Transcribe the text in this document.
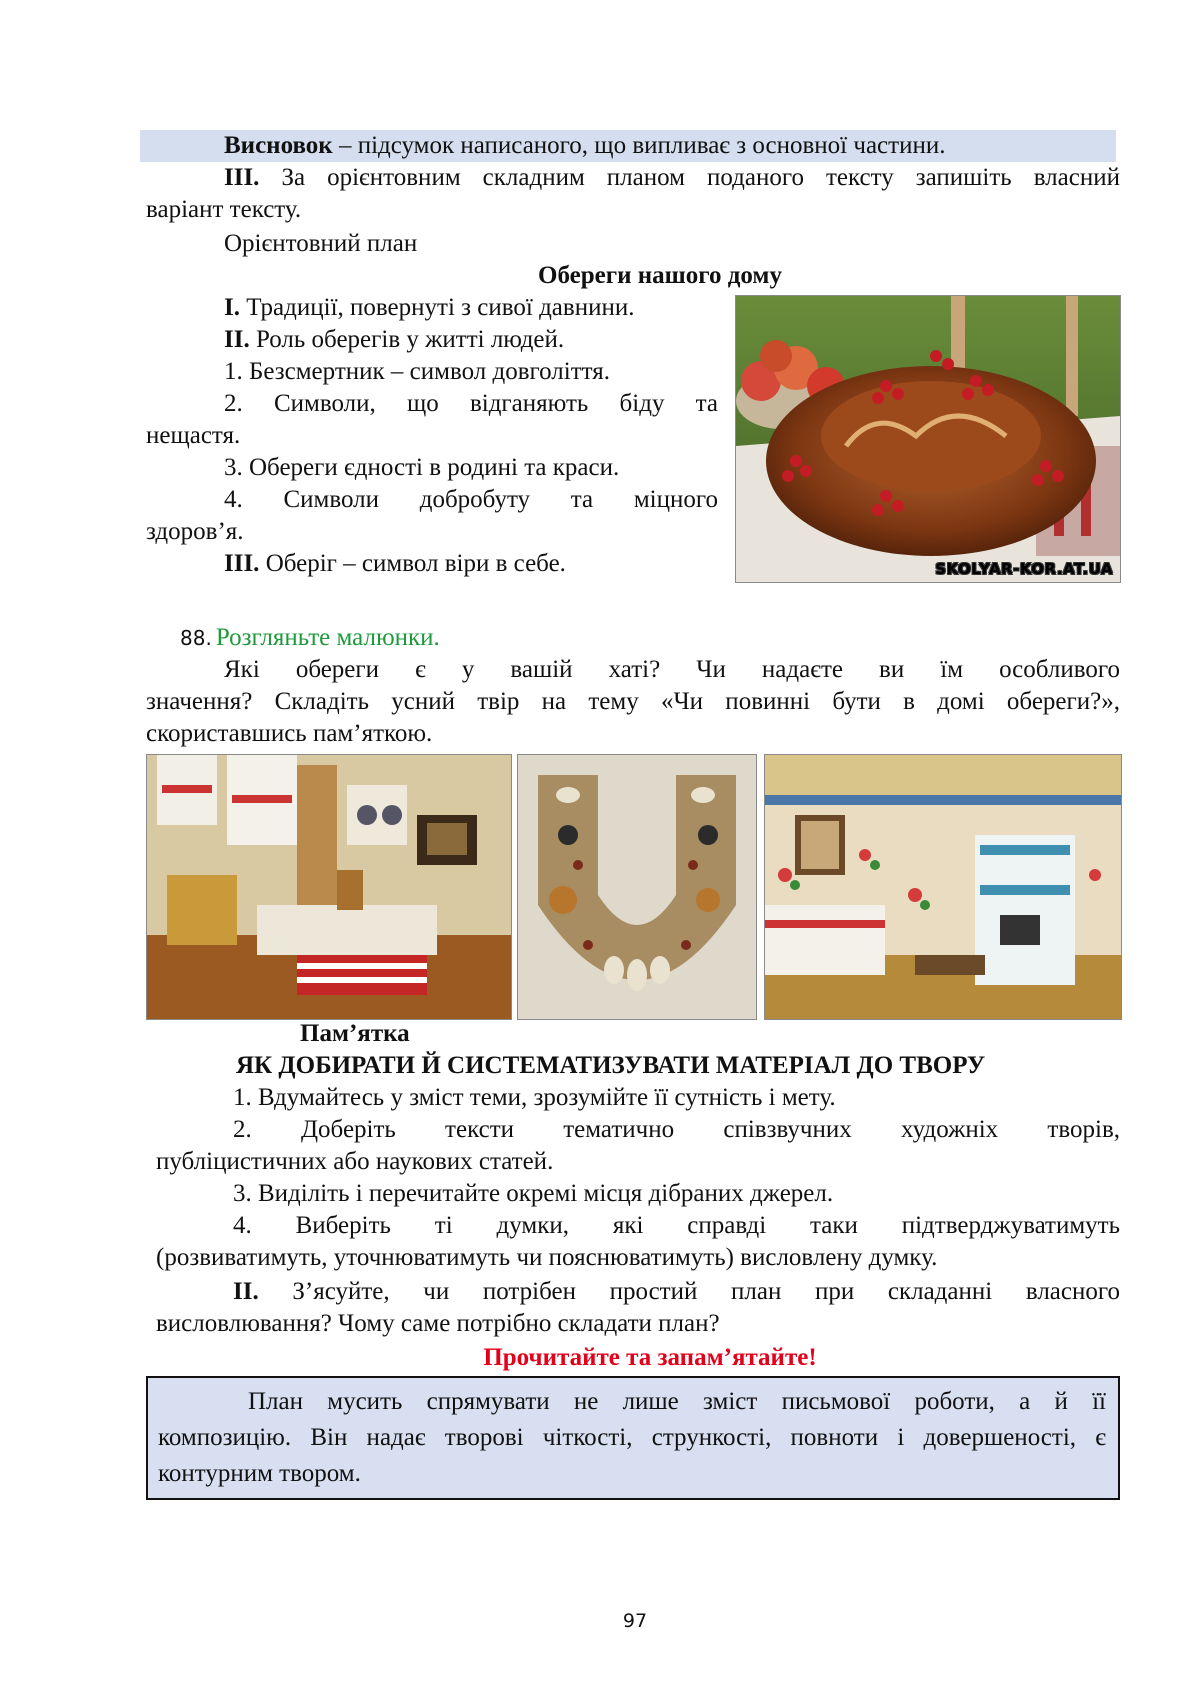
Висновок – підсумок написаного, що випливає з основної частини.
III. За орієнтовним складним планом поданого тексту запишіть власний
варіант тексту.
Орієнтовний план
Обереги нашого дому
I. Традиції, повернуті з сивої давнини.
II. Роль оберегів у житті людей.
1. Безсмертник – символ довголіття.
2. Символи, що відганяють біду та
нещастя.
3. Обереги єдності в родині та краси.
4. Символи добробуту та міцного
здоров’я.
III. Оберіг – символ віри в себе.	SKOLYAR-KOR.AT.UA
88. Розгляньте малюнки.
Які обереги є у вашій хаті? Чи надаєте ви їм особливого
значення? Складіть усний твір на тему «Чи повинні бути в домі обереги?»,
скориставшись пам’яткою.
Пам’ятка
ЯК ДОБИРАТИ Й СИСТЕМАТИЗУВАТИ МАТЕРІАЛ ДО ТВОРУ
1. Вдумайтесь у зміст теми, зрозумійте її сутність і мету.
2. Доберіть тексти тематично співзвучних художніх творів,
публіцистичних або наукових статей.
3. Виділіть і перечитайте окремі місця дібраних джерел.
4. Виберіть ті думки, які справді таки підтверджуватимуть
(розвиватимуть, уточнюватимуть чи пояснюватимуть) висловлену думку.
II. З’ясуйте, чи потрібен простий план при складанні власного
висловлювання? Чому саме потрібно складати план?
Прочитайте та запам’ятайте!
План мусить спрямувати не лише зміст письмової роботи, а й її
композицію. Він надає творові чіткості, стрункості, повноти і довершеності, є
контурним твором.
97
